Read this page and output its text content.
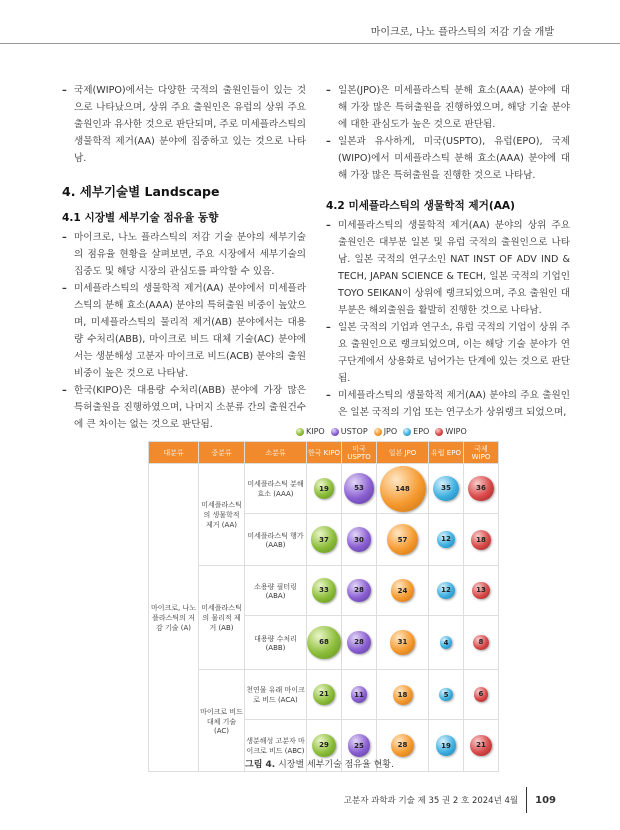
마이크로, 나노 플라스틱의 저감 기술 개발

– 국제(WIPO)에서는 다양한 국적의 출원인들이 있는 것으로 나타났으며, 상위 주요 출원인은 유럽의 상위 주요 출원인과 유사한 것으로 판단되며, 주로 미세플라스틱의 생물학적 제거(AA) 분야에 집중하고 있는 것으로 나타남.

4. 세부기술별 Landscape
4.1 시장별 세부기술 점유율 동향

– 마이크로, 나노 플라스틱의 저감 기술 분야의 세부기술의 점유율 현황을 살펴보면, 주요 시장에서 세부기술의 집중도 및 해당 시장의 관심도를 파악할 수 있음.

– 미세플라스틱의 생물학적 제거(AA) 분야에서 미세플라스틱의 분해 효소(AAA) 분야의 특허출원 비중이 높았으며, 미세플라스틱의 물리적 제거(AB) 분야에서는 대용량 수처리(ABB), 마이크로 비드 대체 기술(AC) 분야에서는 생분해성 고분자 마이크로 비드(ACB) 분야의 출원 비중이 높은 것으로 나타남.

– 한국(KIPO)은 대용량 수처리(ABB) 분야에 가장 많은 특허출원을 진행하였으며, 나머지 소분류 간의 출원건수에 큰 차이는 없는 것으로 판단됨.

– 일본(JPO)은 미세플라스틱 분해 효소(AAA) 분야에 대해 가장 많은 특허출원을 진행하였으며, 해당 기술 분야에 대한 관심도가 높은 것으로 판단됨.

– 일본과 유사하게, 미국(USPTO), 유럽(EPO), 국제(WIPO)에서 미세플라스틱 분해 효소(AAA) 분야에 대해 가장 많은 특허출원을 진행한 것으로 나타남.

4.2 미세플라스틱의 생물학적 제거(AA)

– 미세플라스틱의 생물학적 제거(AA) 분야의 상위 주요 출원인은 대부분 일본 및 유럽 국적의 출원인으로 나타남. 일본 국적의 연구소인 NAT INST OF ADV IND & TECH, JAPAN SCIENCE & TECH, 일본 국적의 기업인 TOYO SEIKAN이 상위에 랭크되었으며, 주요 출원인 대부분은 해외출원을 활발히 진행한 것으로 나타남.

– 일본 국적의 기업과 연구소, 유럽 국적의 기업이 상위 주요 출원인으로 랭크되었으며, 이는 해당 기술 분야가 연구단계에서 상용화로 넘어가는 단계에 있는 것으로 판단됨.

– 미세플라스틱의 생물학적 제거(AA) 분야의 주요 출원인은 일본 국적의 기업 또는 연구소가 상위랭크 되었으며,

KIPO USTOP JPO EPO WIPO
대분류	중분류	소분류	한국 KIPO	미국 USPTO	일본 JPO	유럽 EPO	국제 WIPO
마이크로, 나노 플라스틱의 저감 기술 (A)	미세플라스틱 의 생물학적 제거 (AA)	미세플라스틱 분해 효소 (AAA)	19	53	148	35	36
		미세플라스틱 행가 (AAB)	37	30	57	12	18
	미세플라스틱 의 물리적 제거 (AB)	소용량 필터링 (ABA)	33	28	24	12	13
		대용량 수처리 (ABB)	68	28	31	4	8
	마이크로 비드 대체 기술 (AC)	천연물 유래 마이크로 비드 (ACA)	21	11	18	5	6
		생분해성 고분자 마이크로 비드 (ABC)	29	25	28	19	21
그림 4. 시장별 세부기술 점유율 현황.
고분자 과학과 기술 제 35 권 2 호 2024년 4월 109
